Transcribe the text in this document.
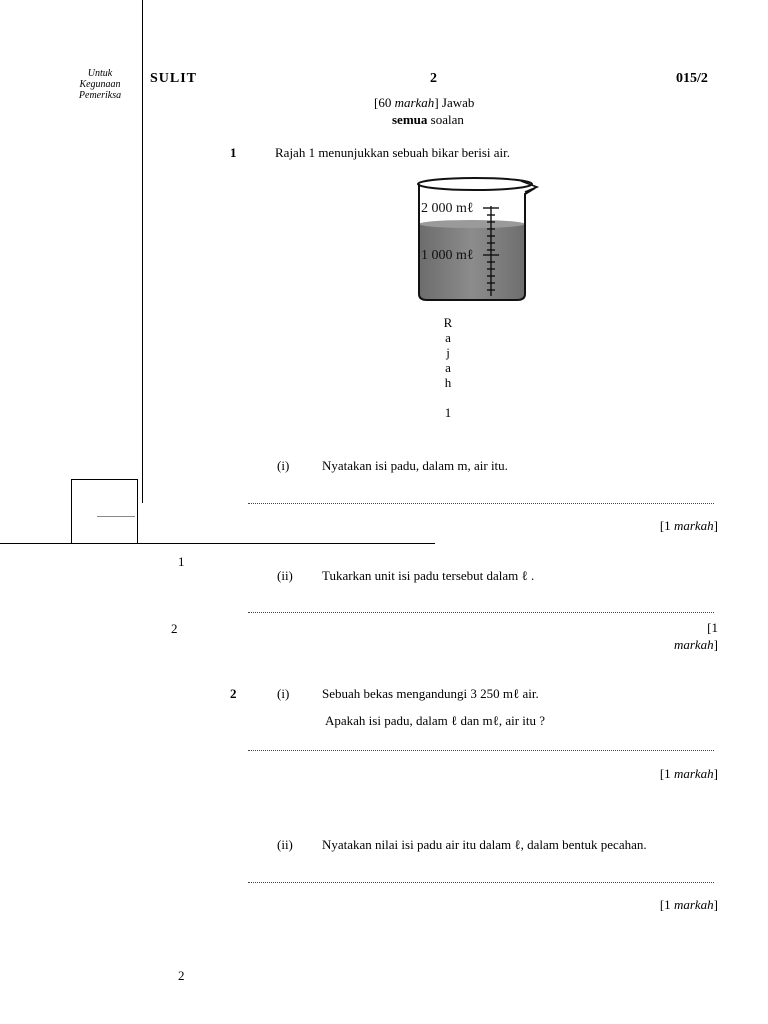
Untuk
Kegunaan
Pemeriksa
1
2
2
SULIT	2	015/2
[60 markah] Jawab
semua soalan
1	Rajah 1 menunjukkan sebuah bikar berisi air.
2 000 mℓ
1 000 mℓ
R
a
j
a
h
1
(i)	Nyatakan isi padu, dalam m, air itu.
[1 markah]
(ii) Tukarkan unit isi padu tersebut dalam ℓ .
[1
markah]
2	(i)	Sebuah bekas mengandungi 3 250 mℓ air.
Apakah isi padu, dalam ℓ dan mℓ, air itu ?
[1 markah]
(ii) Nyatakan nilai isi padu air itu dalam ℓ, dalam bentuk pecahan.
[1 markah]
